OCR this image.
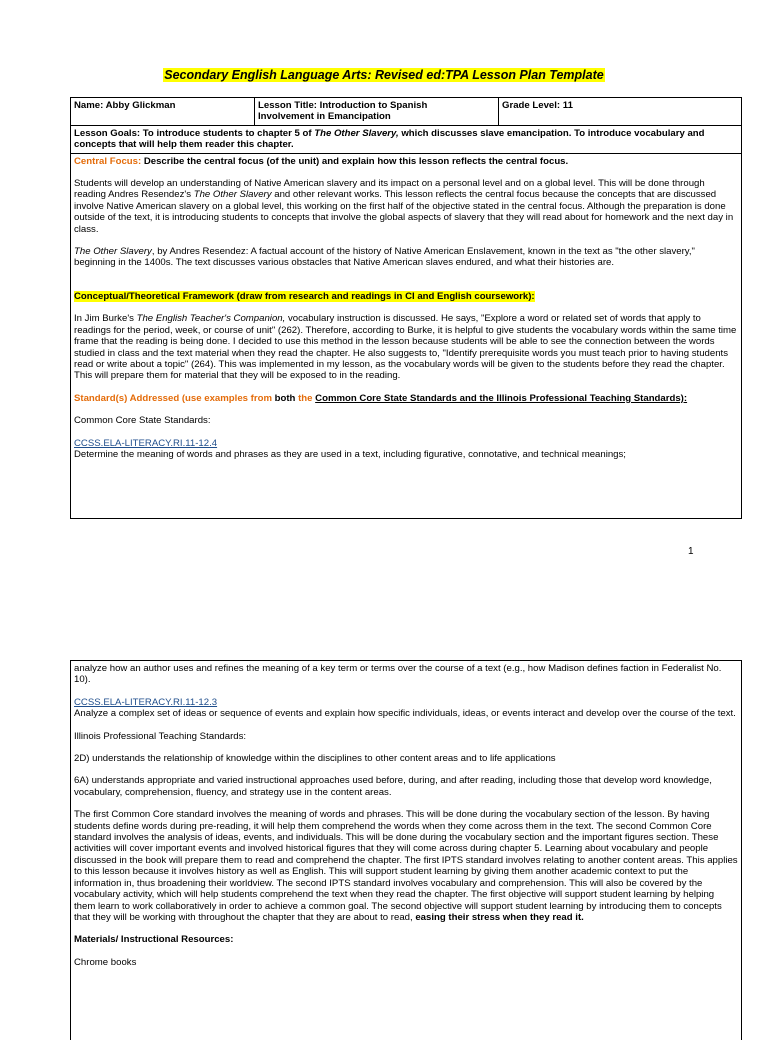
Secondary English Language Arts: Revised ed:TPA Lesson Plan Template
Name: Abby Glickman	Lesson Title: Introduction to Spanish
Involvement in Emancipation
Grade Level: 11
Lesson Goals: To introduce students to chapter 5 of The Other Slavery, which discusses slave emancipation. To introduce vocabulary and concepts that will help them reader this chapter.

Central Focus: Describe the central focus (of the unit) and explain how this lesson reflects the central focus.

Students will develop an understanding of Native American slavery and its impact on a personal level and on a global level. This will be done through reading Andres Resendez's The Other Slavery and other relevant works. This lesson reflects the central focus because the concepts that are discussed involve Native American slavery on a global level, this working on the first half of the objective stated in the central focus. Although the preparation is done outside of the text, it is introducing students to concepts that involve the global aspects of slavery that they will read about for homework and the next day in class.

The Other Slavery, by Andres Resendez: A factual account of the history of Native American Enslavement, known in the text as "the other slavery," beginning in the 1400s. The text discusses various obstacles that Native American slaves endured, and what their histories are.

Conceptual/Theoretical Framework (draw from research and readings in CI and English coursework):

In Jim Burke's The English Teacher's Companion, vocabulary instruction is discussed. He says, "Explore a word or related set of words that apply to readings for the period, week, or course of unit" (262). Therefore, according to Burke, it is helpful to give students the vocabulary words within the same time frame that the reading is being done. I decided to use this method in the lesson because students will be able to see the connection between the words studied in class and the text material when they read the chapter. He also suggests to, "Identify prerequisite words you must teach prior to having students read or write about a topic" (264). This was implemented in my lesson, as the vocabulary words will be given to the students before they read the chapter. This will prepare them for material that they will be exposed to in the reading.

Standard(s) Addressed (use examples from both the Common Core State Standards and the Illinois Professional Teaching Standards):

Common Core State Standards:

CCSS.ELA-LITERACY.RI.11-12.4

Determine the meaning of words and phrases as they are used in a text, including figurative, connotative, and technical meanings;

1

analyze how an author uses and refines the meaning of a key term or terms over the course of a text (e.g., how Madison defines faction in Federalist No. 10).

CCSS.ELA-LITERACY.RI.11-12.3

Analyze a complex set of ideas or sequence of events and explain how specific individuals, ideas, or events interact and develop over the course of the text.

Illinois Professional Teaching Standards:

2D) understands the relationship of knowledge within the disciplines to other content areas and to life applications

6A) understands appropriate and varied instructional approaches used before, during, and after reading, including those that develop word knowledge, vocabulary, comprehension, fluency, and strategy use in the content areas.

The first Common Core standard involves the meaning of words and phrases. This will be done during the vocabulary section of the lesson. By having students define words during pre-reading, it will help them comprehend the words when they come across them in the text. The second Common Core standard involves the analysis of ideas, events, and individuals. This will be done during the vocabulary section and the important figures section. These activities will cover important events and involved historical figures that they will come across during chapter 5. Learning about vocabulary and people discussed in the book will prepare them to read and comprehend the chapter. The first IPTS standard involves relating to another content areas. This applies to this lesson because it involves history as well as English. This will support student learning by giving them another academic context to put the information in, thus broadening their worldview. The second IPTS standard involves vocabulary and comprehension. This will also be covered by the vocabulary activity, which will help students comprehend the text when they read the chapter. The first objective will support student learning by helping them learn to work collaboratively in order to achieve a common goal. The second objective will support student learning by introducing them to concepts that they will be working with throughout the chapter that they are about to read, easing their stress when they read it.

Materials/ Instructional Resources:

Chrome books
